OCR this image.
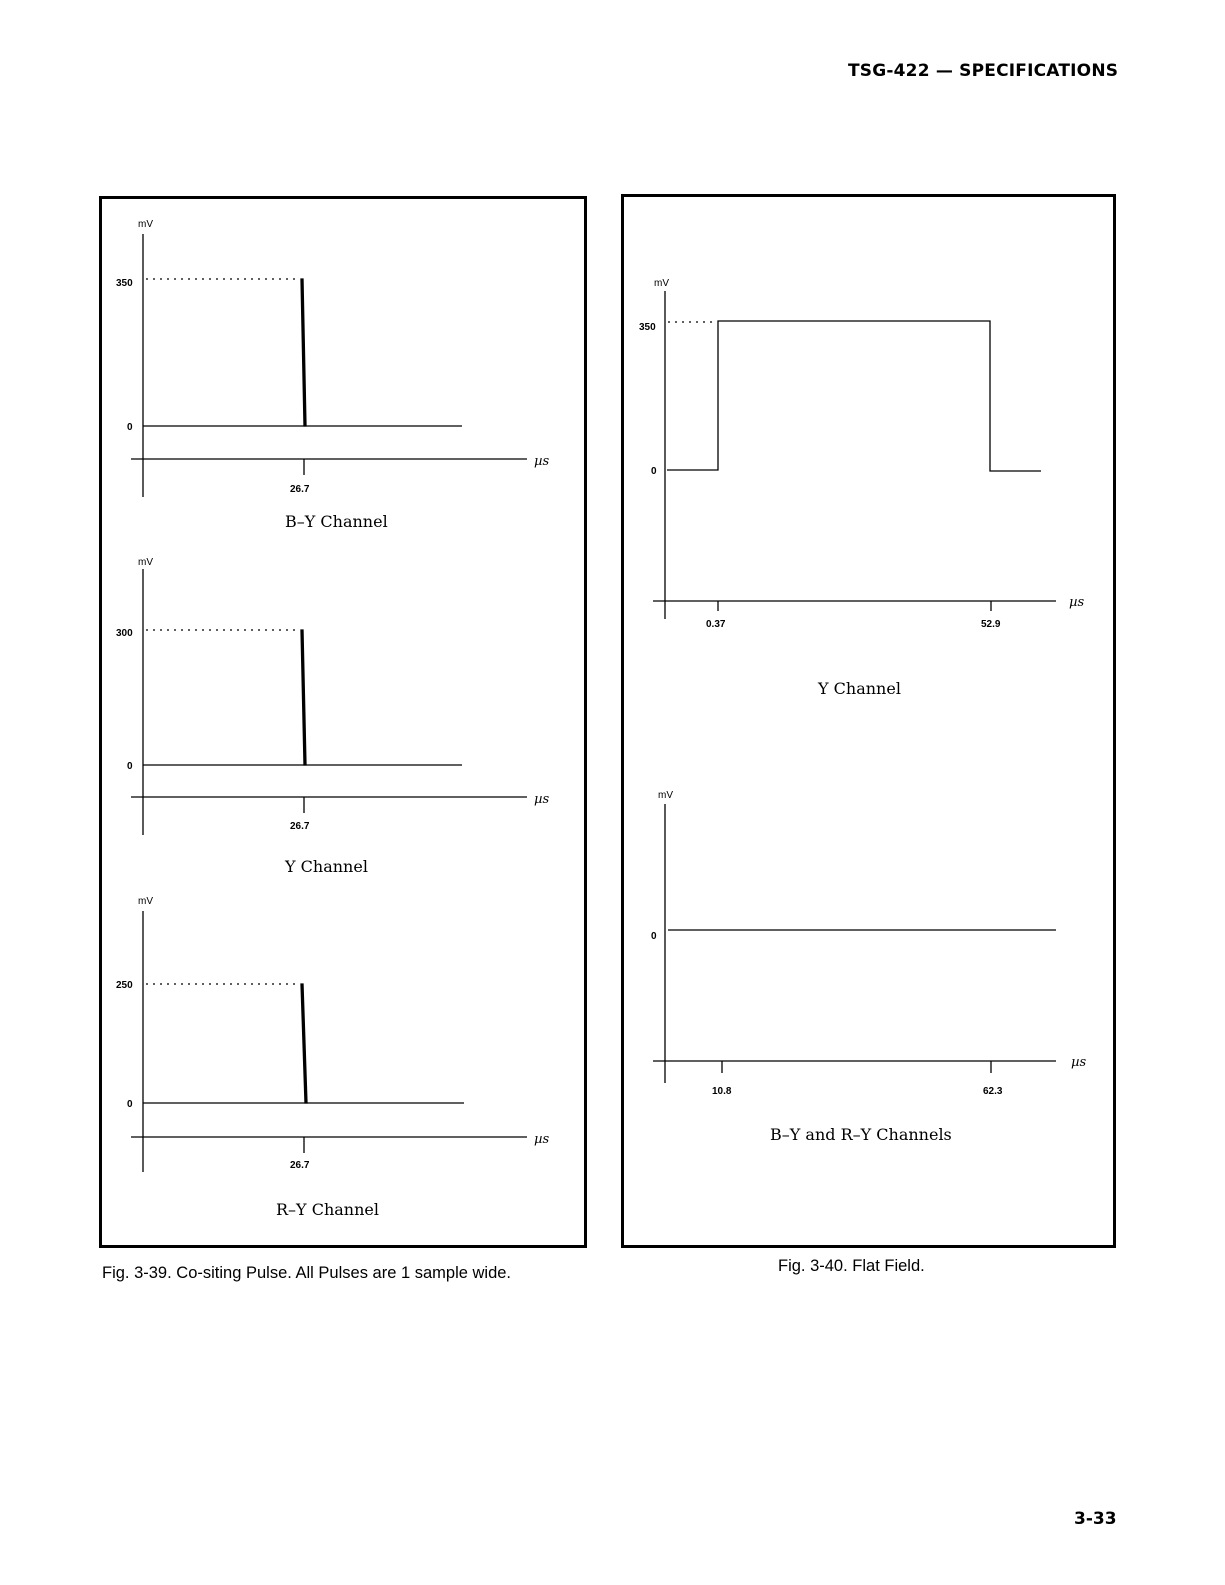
TSG-422 — SPECIFICATIONS
mV
350
0
26.7
µs
B–Y Channel
mV
300
0
26.7
µs
Y Channel
mV
250
0
26.7
µs
R–Y Channel
mV
350
0
0.37	52.9
µs
Y Channel
mV
0
10.8	62.3
µs
B–Y and R–Y Channels
Fig. 3-39. Co-siting Pulse. All Pulses are 1 sample wide.	Fig. 3-40. Flat Field.
3-33
